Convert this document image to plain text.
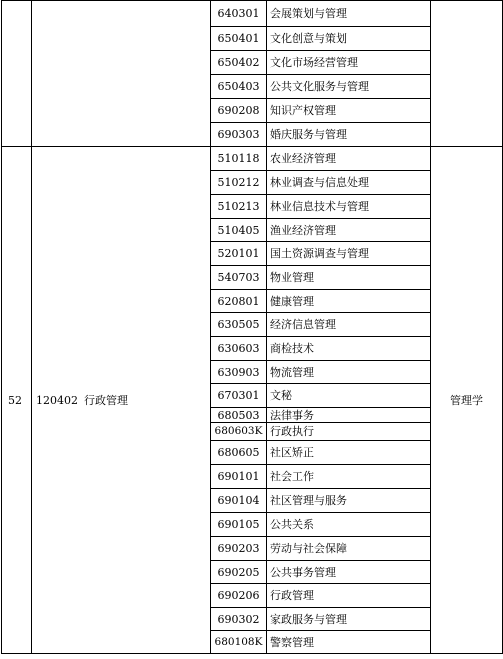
		640301	会展策划与管理	
		650401	文化创意与策划	
		650402	文化市场经营管理	
		650403	公共文化服务与管理	
		690208	知识产权管理	
		690303	婚庆服务与管理	
52	120402 行政管理	510118	农业经济管理	管理学
		510212	林业调查与信息处理	
		510213	林业信息技术与管理	
		510405	渔业经济管理	
		520101	国土资源调查与管理	
		540703	物业管理	
		620801	健康管理	
		630505	经济信息管理	
		630603	商检技术	
		630903	物流管理	
		670301	文秘	
		680503	法律事务	
		680603K	行政执行	
		680605	社区矫正	
		690101	社会工作	
		690104	社区管理与服务	
		690105	公共关系	
		690203	劳动与社会保障	
		690205	公共事务管理	
		690206	行政管理	
		690302	家政服务与管理	
		680108K	警察管理	
